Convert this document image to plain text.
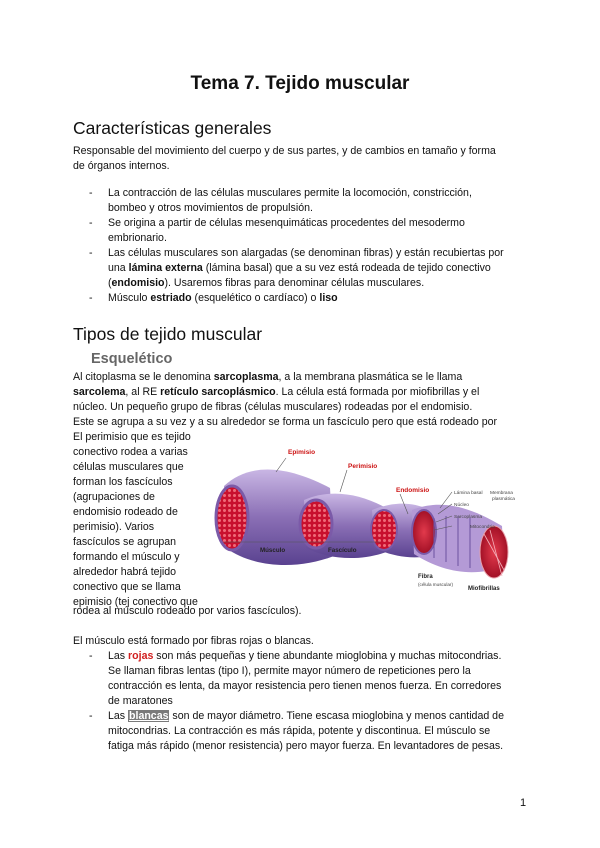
Tema 7. Tejido muscular
Características generales

Responsable del movimiento del cuerpo y de sus partes, y de cambios en tamaño y forma
de órganos internos.

- La contracción de las células musculares permite la locomoción, constricción,
bombeo y otros movimientos de propulsión.
- Se origina a partir de células mesenquimáticas procedentes del mesodermo
embrionario.
- Las células musculares son alargadas (se denominan fibras) y están recubiertas por
una lámina externa (lámina basal) que a su vez está rodeada de tejido conectivo
(endomisio). Usaremos fibras para denominar células musculares.
- Músculo estriado (esquelético o cardíaco) o liso
Tipos de tejido muscular
Esquelético

Al citoplasma se le denomina sarcoplasma, a la membrana plasmática se le llama
sarcolema, al RE retículo sarcoplásmico. La célula está formada por miofibrillas y el
núcleo. Un pequeño grupo de fibras (células musculares) rodeadas por el endomisio.
Este se agrupa a su vez y a su alrededor se forma un fascículo pero que está rodeado por

El perimisio que es tejido
conectivo rodea a varias
células musculares que
forman los fascículos
(agrupaciones de
endomisio rodeado de
perimisio). Varios
fascículos se agrupan
formando el músculo y
alrededor habrá tejido
conectivo que se llama
epimisio (tej conectivo que

rodea al músculo rodeado por varios fascículos).

Epimisio
Perimisio
Endomisio	Lámina basal Membrana
plasmática
Núcleo
Sarcoplasma
Mitocondria
Músculo	Fascículo
Fibra
(célula muscular)
Miofibrillas

El músculo está formado por fibras rojas o blancas.

- Las rojas son más pequeñas y tiene abundante mioglobina y muchas mitocondrias.
Se llaman fibras lentas (tipo I), permite mayor número de repeticiones pero la
contracción es lenta, da mayor resistencia pero tienen menos fuerza. En corredores
de maratones
- Las blancas son de mayor diámetro. Tiene escasa mioglobina y menos cantidad de
mitocondrias. La contracción es más rápida, potente y discontinua. El músculo se
fatiga más rápido (menor resistencia) pero mayor fuerza. En levantadores de pesas.
1
